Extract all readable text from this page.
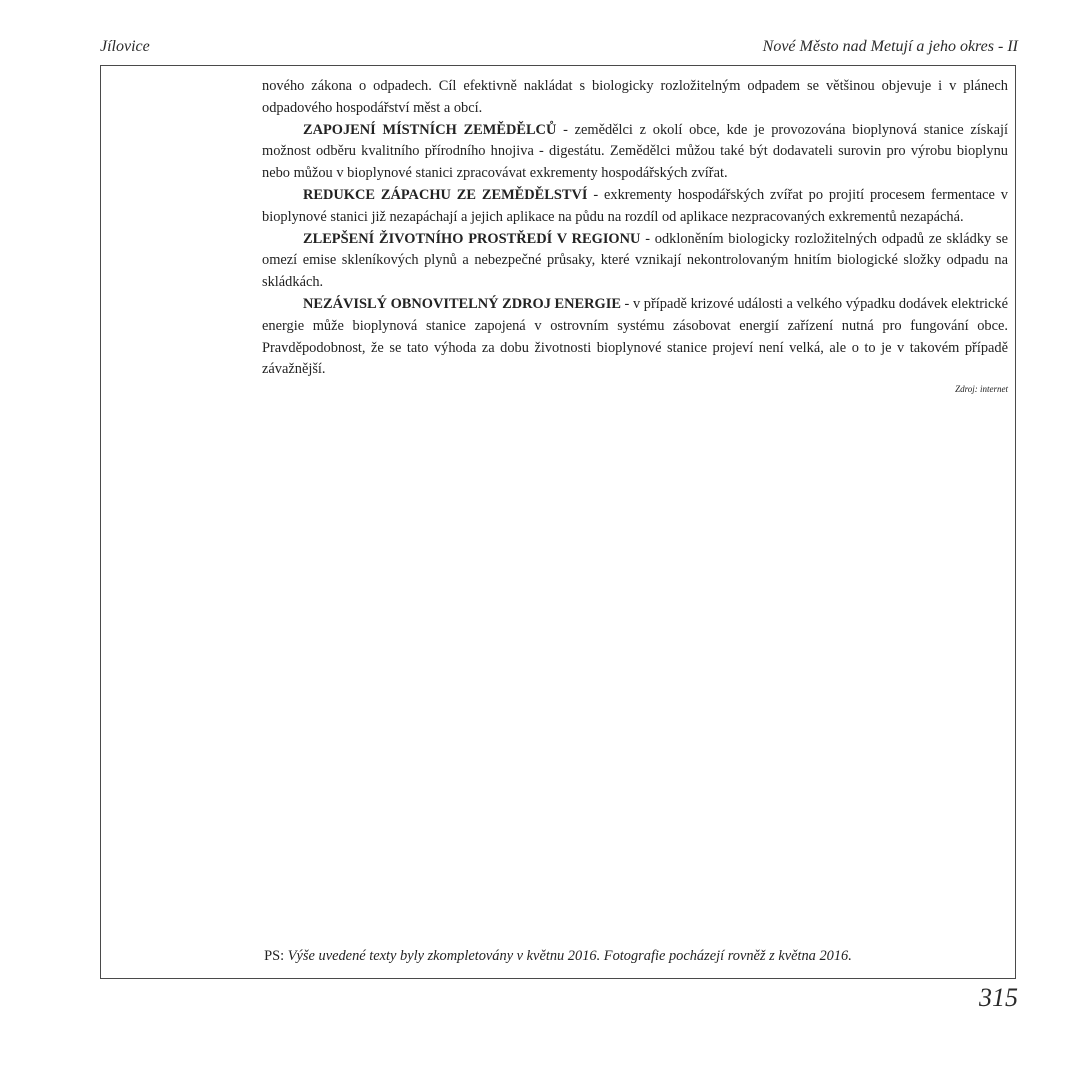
Jílovice	Nové Město nad Metují a jeho okres - II

nového zákona o odpadech. Cíl efektivně nakládat s biologicky rozložitelným odpadem se většinou objevuje i v plánech odpadového hospodářství měst a obcí.

ZAPOJENÍ MÍSTNÍCH ZEMĚDĚLCŮ - zemědělci z okolí obce, kde je provozována bioplynová stanice získají možnost odběru kvalitního přírodního hnojiva - digestátu. Zemědělci můžou také být dodavateli surovin pro výrobu bioplynu nebo můžou v bioplynové stanici zpracovávat exkrementy hospodářských zvířat.

REDUKCE ZÁPACHU ZE ZEMĚDĚLSTVÍ - exkrementy hospodářských zvířat po projití procesem fermentace v bioplynové stanici již nezapáchají a jejich aplikace na půdu na rozdíl od aplikace nezpracovaných exkrementů nezapáchá.

ZLEPŠENÍ ŽIVOTNÍHO PROSTŘEDÍ V REGIONU - odkloněním biologicky rozložitelných odpadů ze skládky se omezí emise skleníkových plynů a nebezpečné průsaky, které vznikají nekontrolovaným hnitím biologické složky odpadu na skládkách.

NEZÁVISLÝ OBNOVITELNÝ ZDROJ ENERGIE - v případě krizové události a velkého výpadku dodávek elektrické energie může bioplynová stanice zapojená v ostrovním systému zásobovat energií zařízení nutná pro fungování obce. Pravděpodobnost, že se tato výhoda za dobu životnosti bioplynové stanice projeví není velká, ale o to je v takovém případě závažnější.

Zdroj: internet
PS: Výše uvedené texty byly zkompletovány v květnu 2016. Fotografie pocházejí rovněž z května 2016.
315
